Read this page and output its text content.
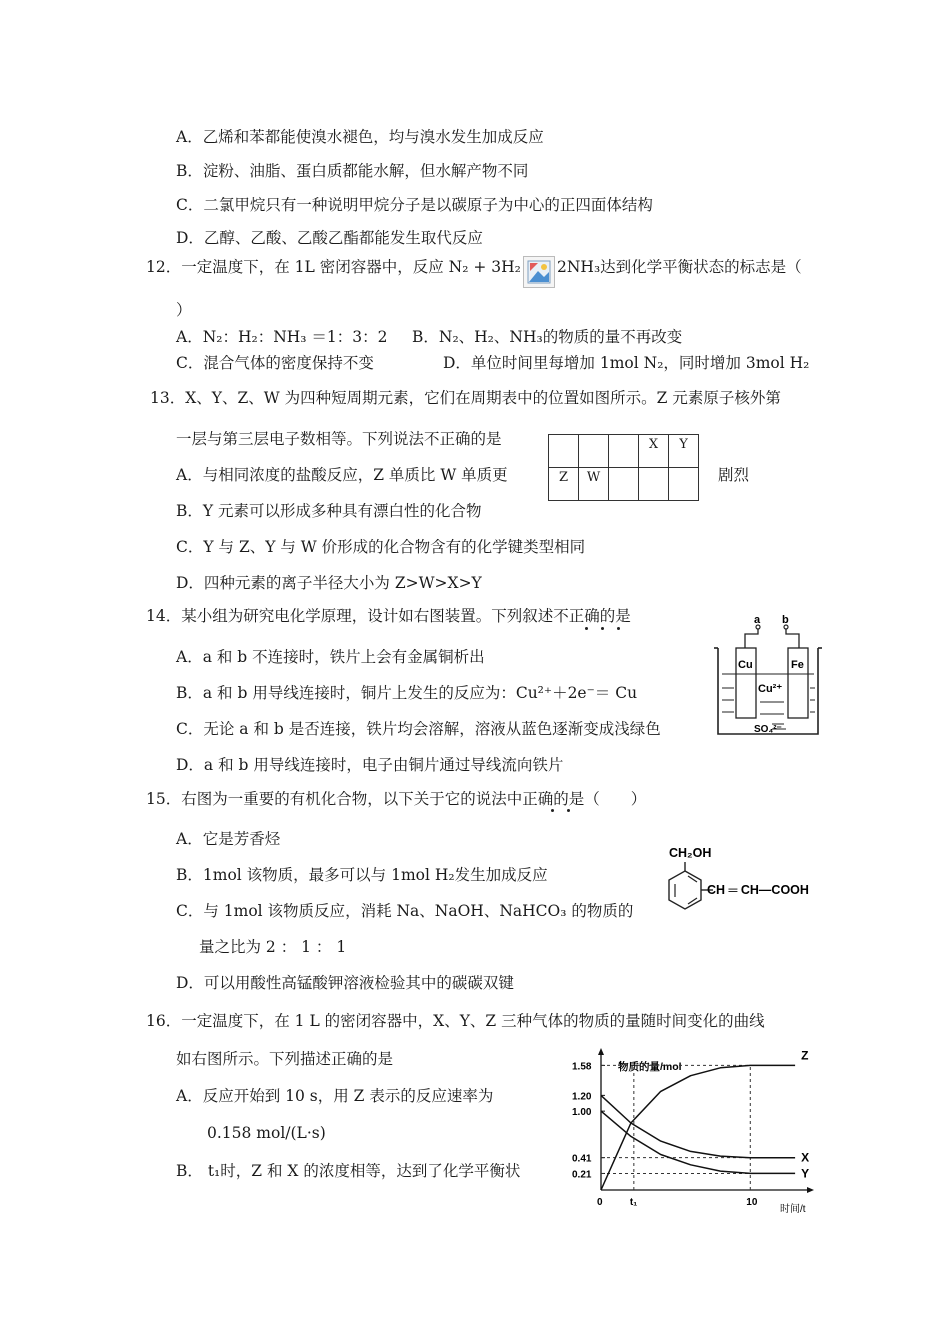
A．乙烯和苯都能使溴水褪色，均与溴水发生加成反应
B．淀粉、油脂、蛋白质都能水解，但水解产物不同
C．二氯甲烷只有一种说明甲烷分子是以碳原子为中心的正四面体结构
D．乙醇、乙酸、乙酸乙酯都能发生取代反应
12．一定温度下，在 1L 密闭容器中，反应 N₂ + 3H₂ 2NH₃达到化学平衡状态的标志是（
）
A．N₂：H₂：NH₃ ＝1：3：2 B．N₂、H₂、NH₃的物质的量不再改变
C．混合气体的密度保持不变	D．单位时间里每增加 1mol N₂，同时增加 3mol H₂
13．X、Y、Z、W 为四种短周期元素，它们在周期表中的位置如图所示。Z 元素原子核外第
一层与第三层电子数相等。下列说法不正确的是
				X	Y
Z	W			
A．与相同浓度的盐酸反应，Z 单质比 W 单质更	剧烈
B．Y 元素可以形成多种具有漂白性的化合物
C．Y 与 Z、Y 与 W 价形成的化合物含有的化学键类型相同
D．四种元素的离子半径大小为 Z>W>X>Y
14．某小组为研究电化学原理，设计如右图装置。下列叙述不正确的是
A．a 和 b 不连接时，铁片上会有金属铜析出
B．a 和 b 用导线连接时，铜片上发生的反应为：Cu²⁺＋2e⁻＝ Cu
C．无论 a 和 b 是否连接，铁片均会溶解，溶液从蓝色逐渐变成浅绿色
D．a 和 b 用导线连接时，电子由铜片通过导线流向铁片
a b
Cu	Fe
Cu²⁺
SO₄²⁻
15．右图为一重要的有机化合物，以下关于它的说法中正确的是（　　）
A．它是芳香烃
B．1mol 该物质，最多可以与 1mol H₂发生加成反应
C．与 1mol 该物质反应，消耗 Na、NaOH、NaHCO₃ 的物质的
量之比为 2 ： 1 ： 1
D．可以用酸性高锰酸钾溶液检验其中的碳碳双键
CH₂OH
CH ═ CH—COOH
16．一定温度下，在 1 L 的密闭容器中，X、Y、Z 三种气体的物质的量随时间变化的曲线
如右图所示。下列描述正确的是
A．反应开始到 10 s，用 Z 表示的反应速率为
0.158 mol/(L·s)
B． t₁时，Z 和 X 的浓度相等，达到了化学平衡状
物质的量/mol
时间/t
0	t₁	10
1.58
1.20
1.00
0.41
0.21
Z
X
Y
